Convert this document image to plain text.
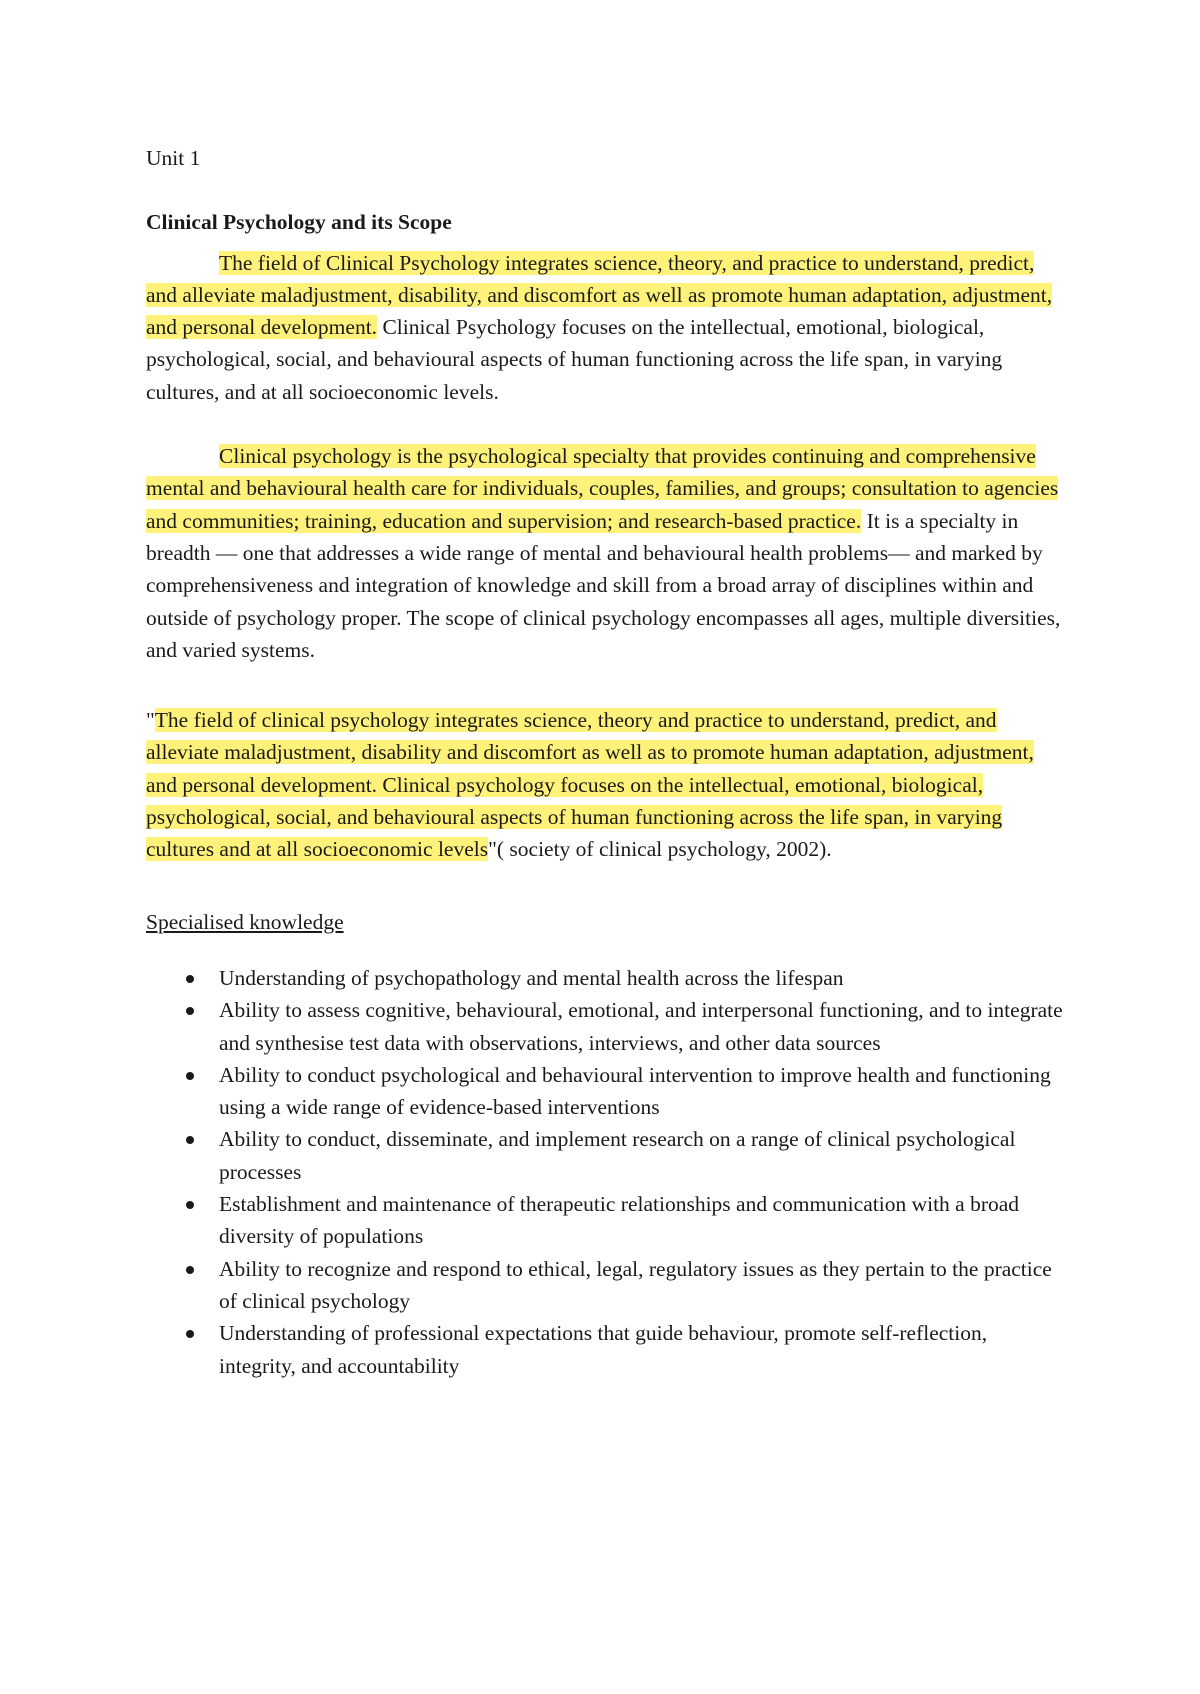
Unit 1

Clinical Psychology and its Scope

The field of Clinical Psychology integrates science, theory, and practice to understand, predict, and alleviate maladjustment, disability, and discomfort as well as promote human adaptation, adjustment, and personal development. Clinical Psychology focuses on the intellectual, emotional, biological, psychological, social, and behavioural aspects of human functioning across the life span, in varying cultures, and at all socioeconomic levels.

Clinical psychology is the psychological specialty that provides continuing and comprehensive mental and behavioural health care for individuals, couples, families, and groups; consultation to agencies and communities; training, education and supervision; and research-based practice. It is a specialty in breadth — one that addresses a wide range of mental and behavioural health problems— and marked by comprehensiveness and integration of knowledge and skill from a broad array of disciplines within and outside of psychology proper. The scope of clinical psychology encompasses all ages, multiple diversities, and varied systems.

"The field of clinical psychology integrates science, theory and practice to understand, predict, and alleviate maladjustment, disability and discomfort as well as to promote human adaptation, adjustment, and personal development. Clinical psychology focuses on the intellectual, emotional, biological, psychological, social, and behavioural aspects of human functioning across the life span, in varying cultures and at all socioeconomic levels"( society of clinical psychology, 2002).

Specialised knowledge

Understanding of psychopathology and mental health across the lifespan
Ability to assess cognitive, behavioural, emotional, and interpersonal functioning, and to integrate and synthesise test data with observations, interviews, and other data sources
Ability to conduct psychological and behavioural intervention to improve health and functioning using a wide range of evidence-based interventions
Ability to conduct, disseminate, and implement research on a range of clinical psychological processes
Establishment and maintenance of therapeutic relationships and communication with a broad diversity of populations
Ability to recognize and respond to ethical, legal, regulatory issues as they pertain to the practice of clinical psychology
Understanding of professional expectations that guide behaviour, promote self-reflection, integrity, and accountability
